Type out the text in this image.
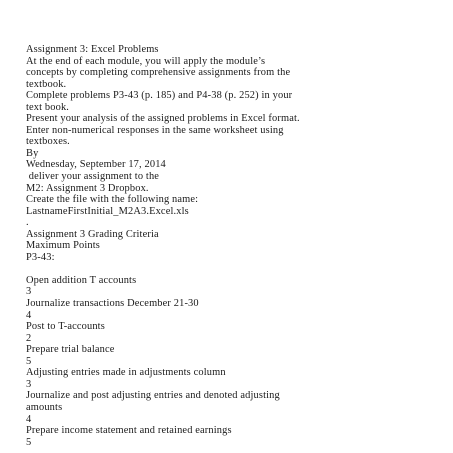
Assignment 3: Excel Problems
At the end of each module, you will apply the module’s
concepts by completing comprehensive assignments from the
textbook.
Complete problems P3-43 (p. 185) and P4-38 (p. 252) in your
text book.
Present your analysis of the assigned problems in Excel format.
Enter non-numerical responses in the same worksheet using
textboxes.
By
Wednesday, September 17, 2014
deliver your assignment to the
M2: Assignment 3 Dropbox.
Create the file with the following name:
LastnameFirstInitial_M2A3.Excel.xls
.
Assignment 3 Grading Criteria
Maximum Points
P3-43:
Open addition T accounts
3
Journalize transactions December 21-30
4
Post to T-accounts
2
Prepare trial balance
5
Adjusting entries made in adjustments column
3
Journalize and post adjusting entries and denoted adjusting
amounts
4
Prepare income statement and retained earnings
5
